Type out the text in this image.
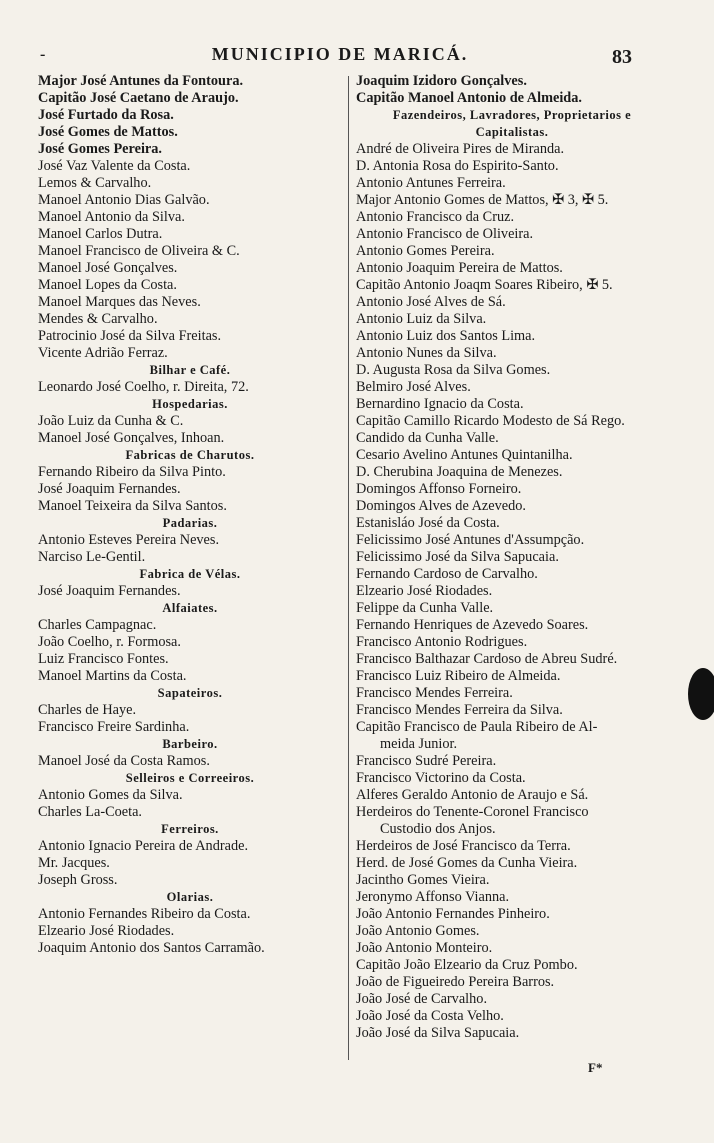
-	MUNICIPIO DE MARICÁ.	83
Major José Antunes da Fontoura.
Capitão José Caetano de Araujo.
José Furtado da Rosa.
José Gomes de Mattos.
José Gomes Pereira.
José Vaz Valente da Costa.
Lemos & Carvalho.
Manoel Antonio Dias Galvão.
Manoel Antonio da Silva.
Manoel Carlos Dutra.
Manoel Francisco de Oliveira & C.
Manoel José Gonçalves.
Manoel Lopes da Costa.
Manoel Marques das Neves.
Mendes & Carvalho.
Patrocinio José da Silva Freitas.
Vicente Adrião Ferraz.
Bilhar e Café.
Leonardo José Coelho, r. Direita, 72.
Hospedarias.
João Luiz da Cunha & C.
Manoel José Gonçalves, Inhoan.
Fabricas de Charutos.
Fernando Ribeiro da Silva Pinto.
José Joaquim Fernandes.
Manoel Teixeira da Silva Santos.
Padarias.
Antonio Esteves Pereira Neves.
Narciso Le-Gentil.
Fabrica de Vélas.
José Joaquim Fernandes.
Alfaiates.
Charles Campagnac.
João Coelho, r. Formosa.
Luiz Francisco Fontes.
Manoel Martins da Costa.
Sapateiros.
Charles de Haye.
Francisco Freire Sardinha.
Barbeiro.
Manoel José da Costa Ramos.
Selleiros e Correeiros.
Antonio Gomes da Silva.
Charles La-Coeta.
Ferreiros.
Antonio Ignacio Pereira de Andrade.
Mr. Jacques.
Joseph Gross.
Olarias.
Antonio Fernandes Ribeiro da Costa.
Elzeario José Riodades.
Joaquim Antonio dos Santos Carramão.
Joaquim Izidoro Gonçalves.
Capitão Manoel Antonio de Almeida.
Fazendeiros, Lavradores, Proprietarios e Capitalistas.
André de Oliveira Pires de Miranda.
D. Antonia Rosa do Espirito-Santo.
Antonio Antunes Ferreira.
Major Antonio Gomes de Mattos, ✠ 3, ✠ 5.
Antonio Francisco da Cruz.
Antonio Francisco de Oliveira.
Antonio Gomes Pereira.
Antonio Joaquim Pereira de Mattos.
Capitão Antonio Joaqm Soares Ribeiro, ✠ 5.
Antonio José Alves de Sá.
Antonio Luiz da Silva.
Antonio Luiz dos Santos Lima.
Antonio Nunes da Silva.
D. Augusta Rosa da Silva Gomes.
Belmiro José Alves.
Bernardino Ignacio da Costa.
Capitão Camillo Ricardo Modesto de Sá Rego.
Candido da Cunha Valle.
Cesario Avelino Antunes Quintanilha.
D. Cherubina Joaquina de Menezes.
Domingos Affonso Forneiro.
Domingos Alves de Azevedo.
Estanisláo José da Costa.
Felicissimo José Antunes d'Assumpção.
Felicissimo José da Silva Sapucaia.
Fernando Cardoso de Carvalho.
Elzeario José Riodades.
Felippe da Cunha Valle.
Fernando Henriques de Azevedo Soares.
Francisco Antonio Rodrigues.
Francisco Balthazar Cardoso de Abreu Sudré.
Francisco Luiz Ribeiro de Almeida.
Francisco Mendes Ferreira.
Francisco Mendes Ferreira da Silva.
Capitão Francisco de Paula Ribeiro de Al-
meida Junior.
Francisco Sudré Pereira.
Francisco Victorino da Costa.
Alferes Geraldo Antonio de Araujo e Sá.
Herdeiros do Tenente-Coronel Francisco
Custodio dos Anjos.
Herdeiros de José Francisco da Terra.
Herd. de José Gomes da Cunha Vieira.
Jacintho Gomes Vieira.
Jeronymo Affonso Vianna.
João Antonio Fernandes Pinheiro.
João Antonio Gomes.
João Antonio Monteiro.
Capitão João Elzeario da Cruz Pombo.
João de Figueiredo Pereira Barros.
João José de Carvalho.
João José da Costa Velho.
João José da Silva Sapucaia.
F*
